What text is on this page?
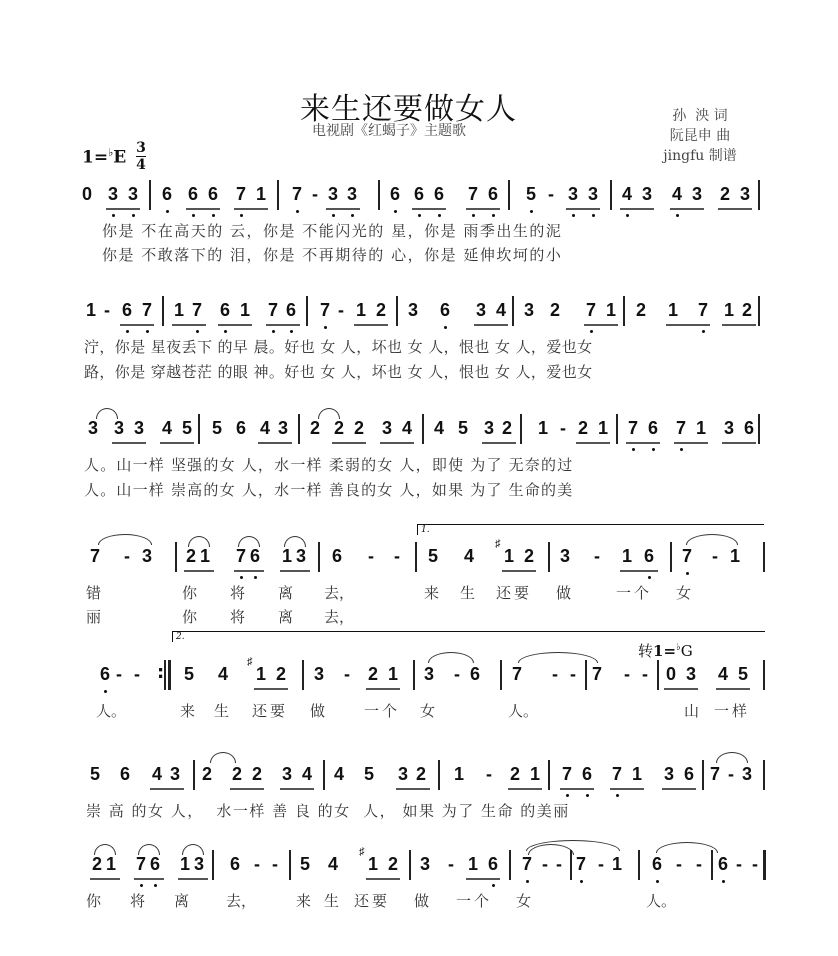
来生还要做女人
电视剧《红蝎子》主题歌
孙  泱 词
阮昆申 曲
jingfu 制谱
1=♭E 3
4
0 3 3 6 6 6 7 1 7 - 3 3 6 6 6 7 6 5 - 3 3 4 3 4 3 2 3
你是 不在高天的 云，你是 不能闪光的 星，你是 雨季出生的泥
你是 不敢落下的 泪，你是 不再期待的 心，你是 延伸坎坷的小
1 - 6 7 1 7 6 1 7 6 7 - 1 2 3 6 3 4 3 2 7 1 2 1 7 1 2
泞，你是 星夜丢下 的早 晨。好也 女 人，坏也 女 人，恨也 女 人，爱也女
路，你是 穿越苍茫 的眼 神。好也 女 人，坏也 女 人，恨也 女 人，爱也女
3 3 3 4 5 5 6 4 3 2 2 2 3 4 4 5 3 2 1 - 2 1 7 6 7 1 3 6
人。山一样 坚强的女 人，水一样 柔弱的女 人，即使 为了 无奈的过
人。山一样 崇高的女 人，水一样 善良的女 人，如果 为了 生命的美
1.
7 - 3 2 1 7 6 1 3 6 - - 5 4 ♯ 1 2 3 - 1 6 7 - 1
错	你 将 离 去，	来 生 还要 做	一个 女
丽	你 将 离 去，
2.
转1=♭G
6 - - : 5 4 ♯ 1 2 3 - 2 1 3 - 6 7 - - 7 - - 0 3 4 5
人。	来 生 还要 做	一个 女	人。	山 一样
5 6 4 3 2 2 2 3 4 4 5 3 2 1 - 2 1 7 6 7 1 3 6 7 - 3
崇 高 的女 人，  水一样 善 良 的女  人， 如果 为了 生命 的美丽
2 1 7 6 1 3 6 - - 5 4 ♯ 1 2 3 - 1 6 7 - - 7 - 1 6 - - 6 - -
你 将 离 去，	来 生 还要 做 一个 女	人。
